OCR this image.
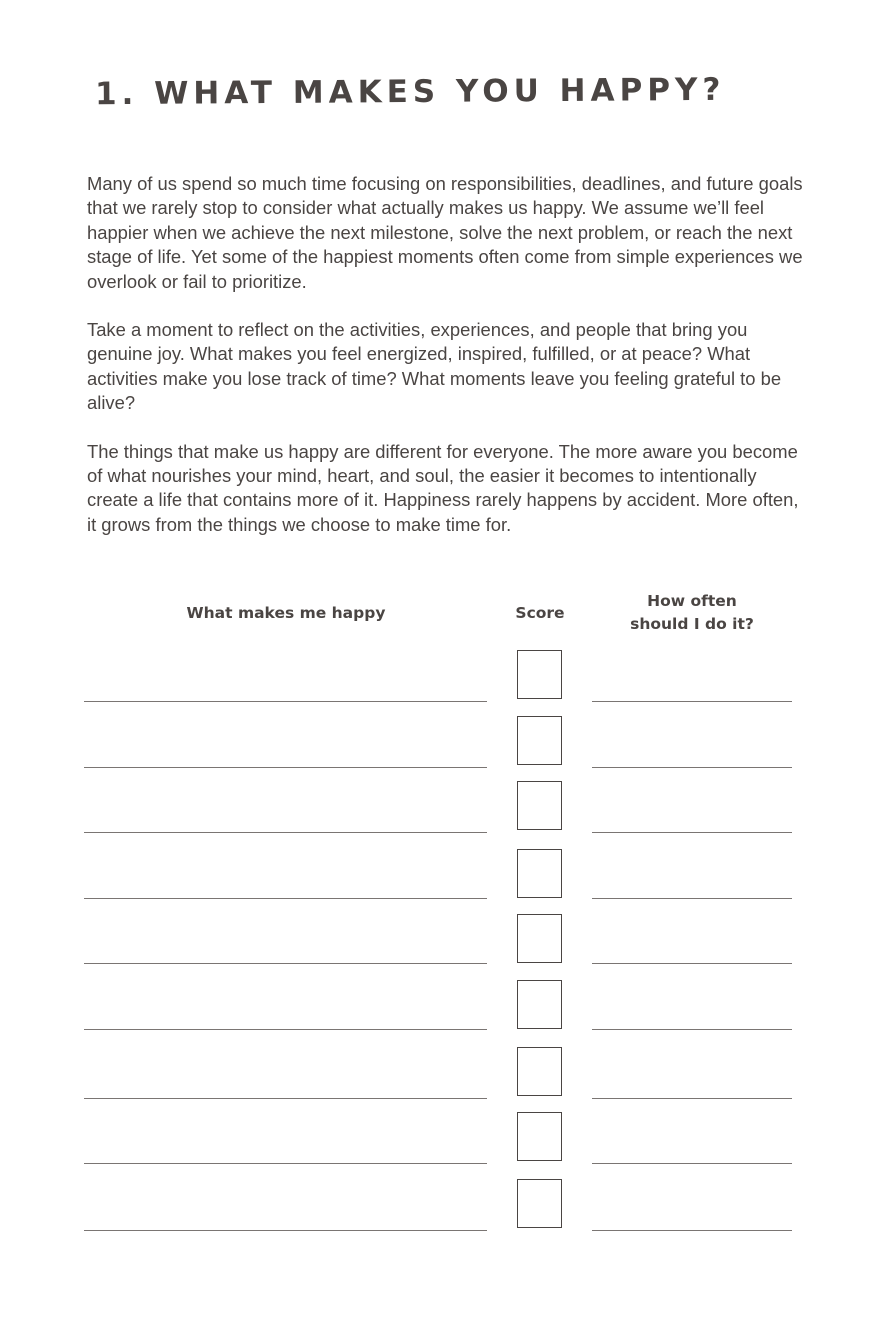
1. WHAT MAKES YOU HAPPY?

Many of us spend so much time focusing on responsibilities, deadlines, and future goals that we rarely stop to consider what actually makes us happy. We assume we’ll feel happier when we achieve the next milestone, solve the next problem, or reach the next stage of life. Yet some of the happiest moments often come from simple experiences we overlook or fail to prioritize.

Take a moment to reflect on the activities, experiences, and people that bring you genuine joy. What makes you feel energized, inspired, fulfilled, or at peace? What activities make you lose track of time? What moments leave you feeling grateful to be alive?

The things that make us happy are different for everyone. The more aware you become of what nourishes your mind, heart, and soul, the easier it becomes to intentionally create a life that contains more of it. Happiness rarely happens by accident. More often, it grows from the things we choose to make time for.

What makes me happy	Score
How often
should I do it?
